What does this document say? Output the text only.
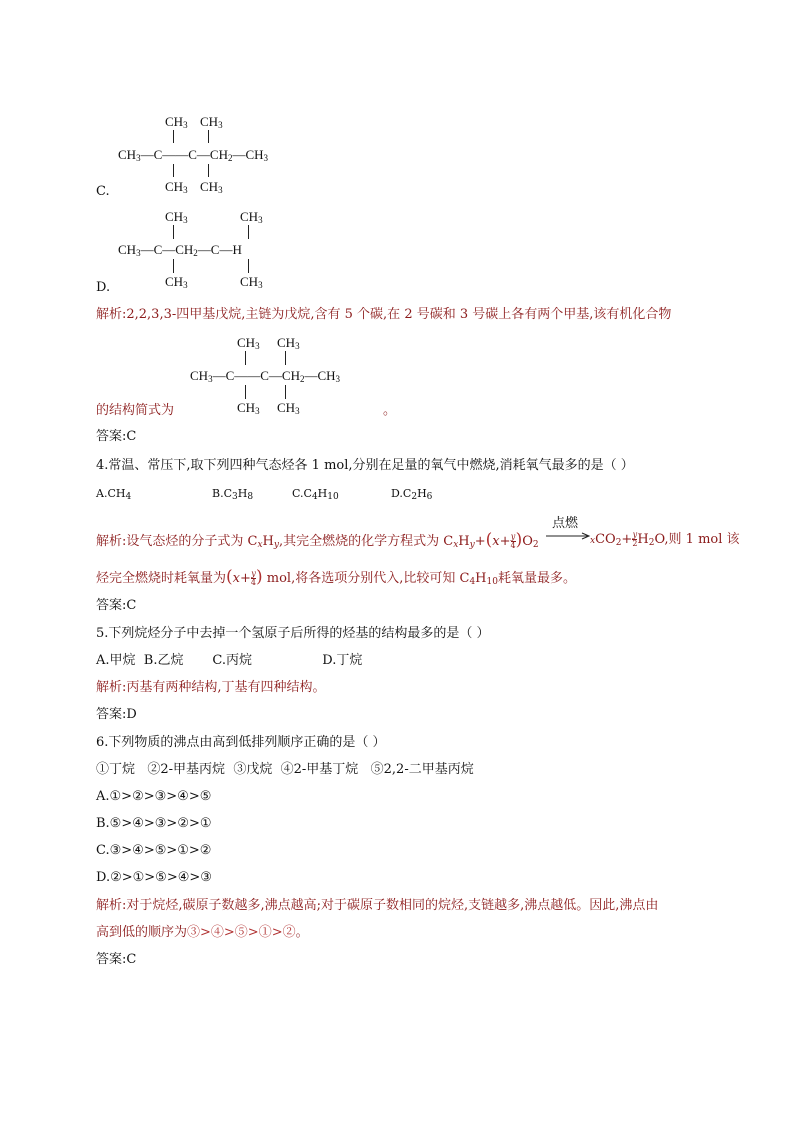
$CH_3$ $CH_3$
$CH_3—C——C—CH_2—CH_3$
$CH_3$ $CH_3$
C.
$CH_3$	$CH_3$
$CH_3—C—CH_2—C—H$
$CH_3$	$CH_3$
D.
解析:2,2,3,3-四甲基戊烷,主链为戊烷,含有 5 个碳,在 2 号碳和 3 号碳上各有两个甲基,该有机化合物
$CH_3$ $CH_3$
$CH_3—C——C—CH_2—CH_3$
$CH_3$ $CH_3$
的结构简式为	。
答案:C
4.常温、常压下,取下列四种气态烃各 1 mol,分别在足量的氧气中燃烧,消耗氧气最多的是（ ）
$A.CH_4$	$B.C_3H_8$	$C.C_4H_{10}$	$D.C_2H_6$
解析:设气态烃的分子式为 $C_xH_y$,其完全燃烧的化学方程式为 $C_xH_y+(x+ \frac{y}{4} )O_2$
点燃
$xCO_2+ \frac{y}{2} H_2O$,则 1 mol 该
烃完全燃烧时耗氧量为($x+ \frac{y}{4}$ ) mol,将各选项分别代入,比较可知 $C_4H_{10}$耗氧量最多。
答案:C
5.下列烷烃分子中去掉一个氢原子后所得的烃基的结构最多的是（ ）
A.甲烷  B.乙烷       C.丙烷                 D.丁烷
解析:丙基有两种结构,丁基有四种结构。
答案:D
6.下列物质的沸点由高到低排列顺序正确的是（ ）
①丁烷   ②2-甲基丙烷  ③戊烷  ④2-甲基丁烷   ⑤2,2-二甲基丙烷
A.①>②>③>④>⑤
B.⑤>④>③>②>①
C.③>④>⑤>①>②
D.②>①>⑤>④>③
解析:对于烷烃,碳原子数越多,沸点越高;对于碳原子数相同的烷烃,支链越多,沸点越低。因此,沸点由
高到低的顺序为③>④>⑤>①>②。
答案:C
